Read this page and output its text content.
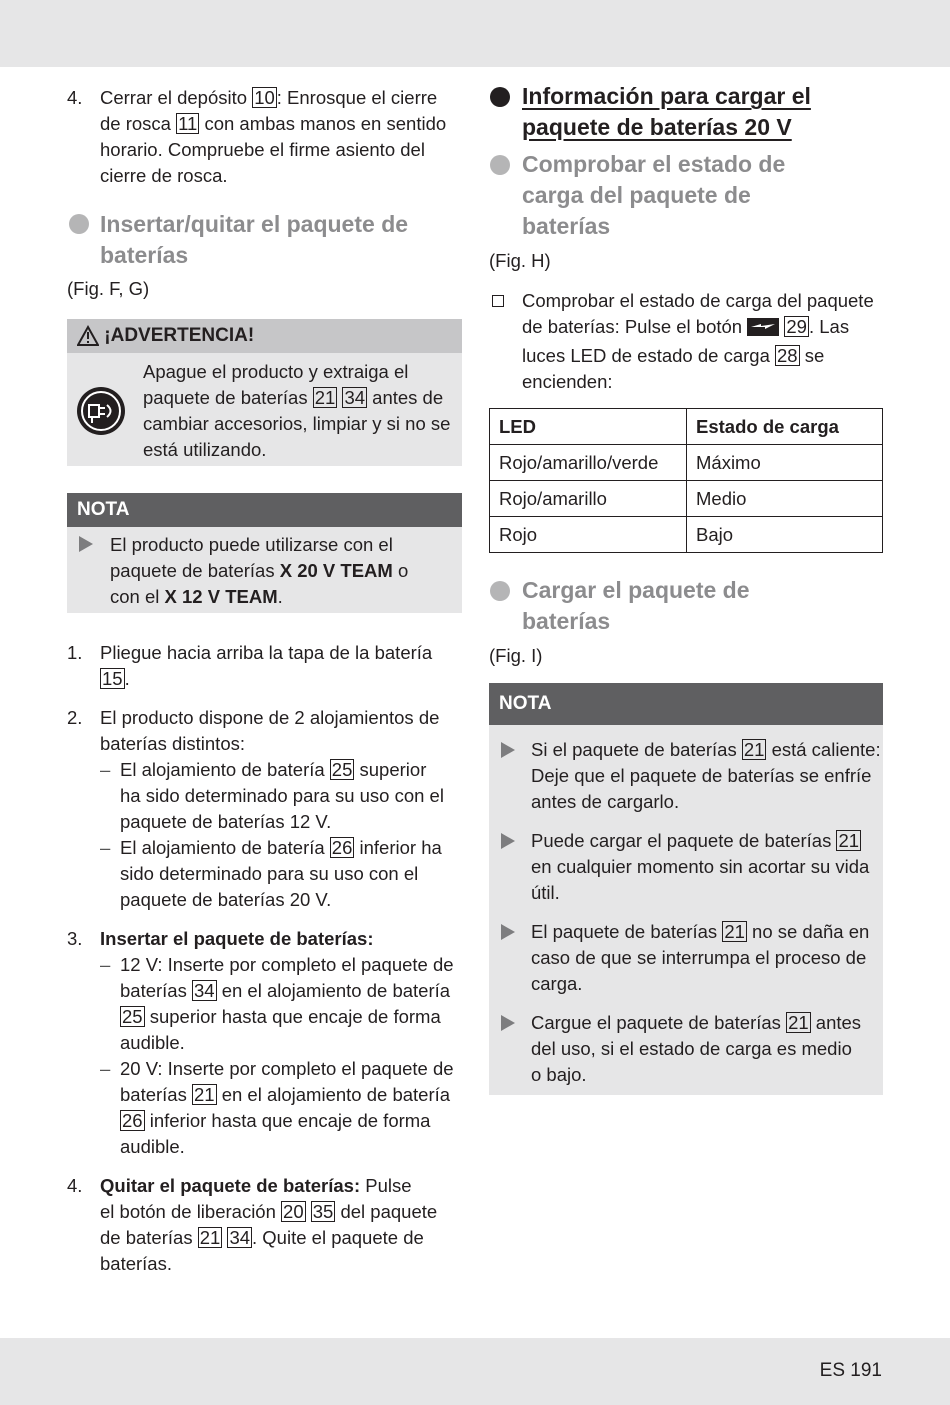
4. Cerrar el depósito 10 : Enrosque el cierre
de rosca 11 con ambas manos en sentido
horario. Compruebe el firme asiento del
cierre de rosca.
Insertar/quitar el paquete de
baterías
(Fig. F, G)
¡ADVERTENCIA!
Apague el producto y extraiga el
paquete de baterías 21 34 antes de
cambiar accesorios, limpiar y si no se
está utilizando.
NOTA
El producto puede utilizarse con el
paquete de baterías X 20 V TEAM o
con el X 12 V TEAM.
1. Pliegue hacia arriba la tapa de la batería
15 .
2. El producto dispone de 2 alojamientos de
baterías distintos:
– El alojamiento de batería 25 superior
ha sido determinado para su uso con el
paquete de baterías 12 V.
– El alojamiento de batería 26 inferior ha
sido determinado para su uso con el
paquete de baterías 20 V.
3. Insertar el paquete de baterías:
– 12 V: Inserte por completo el paquete de
baterías 34 en el alojamiento de batería
25 superior hasta que encaje de forma
audible.
– 20 V: Inserte por completo el paquete de
baterías 21 en el alojamiento de batería
26 inferior hasta que encaje de forma
audible.
4. Quitar el paquete de baterías: Pulse
el botón de liberación 20 35 del paquete
de baterías 21 34 . Quite el paquete de
baterías.
Información para cargar el
paquete de baterías 20 V
Comprobar el estado de
carga del paquete de
baterías
(Fig. H)
Comprobar el estado de carga del paquete
de baterías: Pulse el botón 29 . Las
luces LED de estado de carga 28 se
encienden:
LED	Estado de carga
Rojo/amarillo/verde	Máximo
Rojo/amarillo	Medio
Rojo	Bajo
Cargar el paquete de
baterías
(Fig. I)
NOTA
Si el paquete de baterías 21 está caliente:
Deje que el paquete de baterías se enfríe
antes de cargarlo.
Puede cargar el paquete de baterías 21
en cualquier momento sin acortar su vida
útil.
El paquete de baterías 21 no se daña en
caso de que se interrumpa el proceso de
carga.
Cargue el paquete de baterías 21 antes
del uso, si el estado de carga es medio
o bajo.
ES 191
